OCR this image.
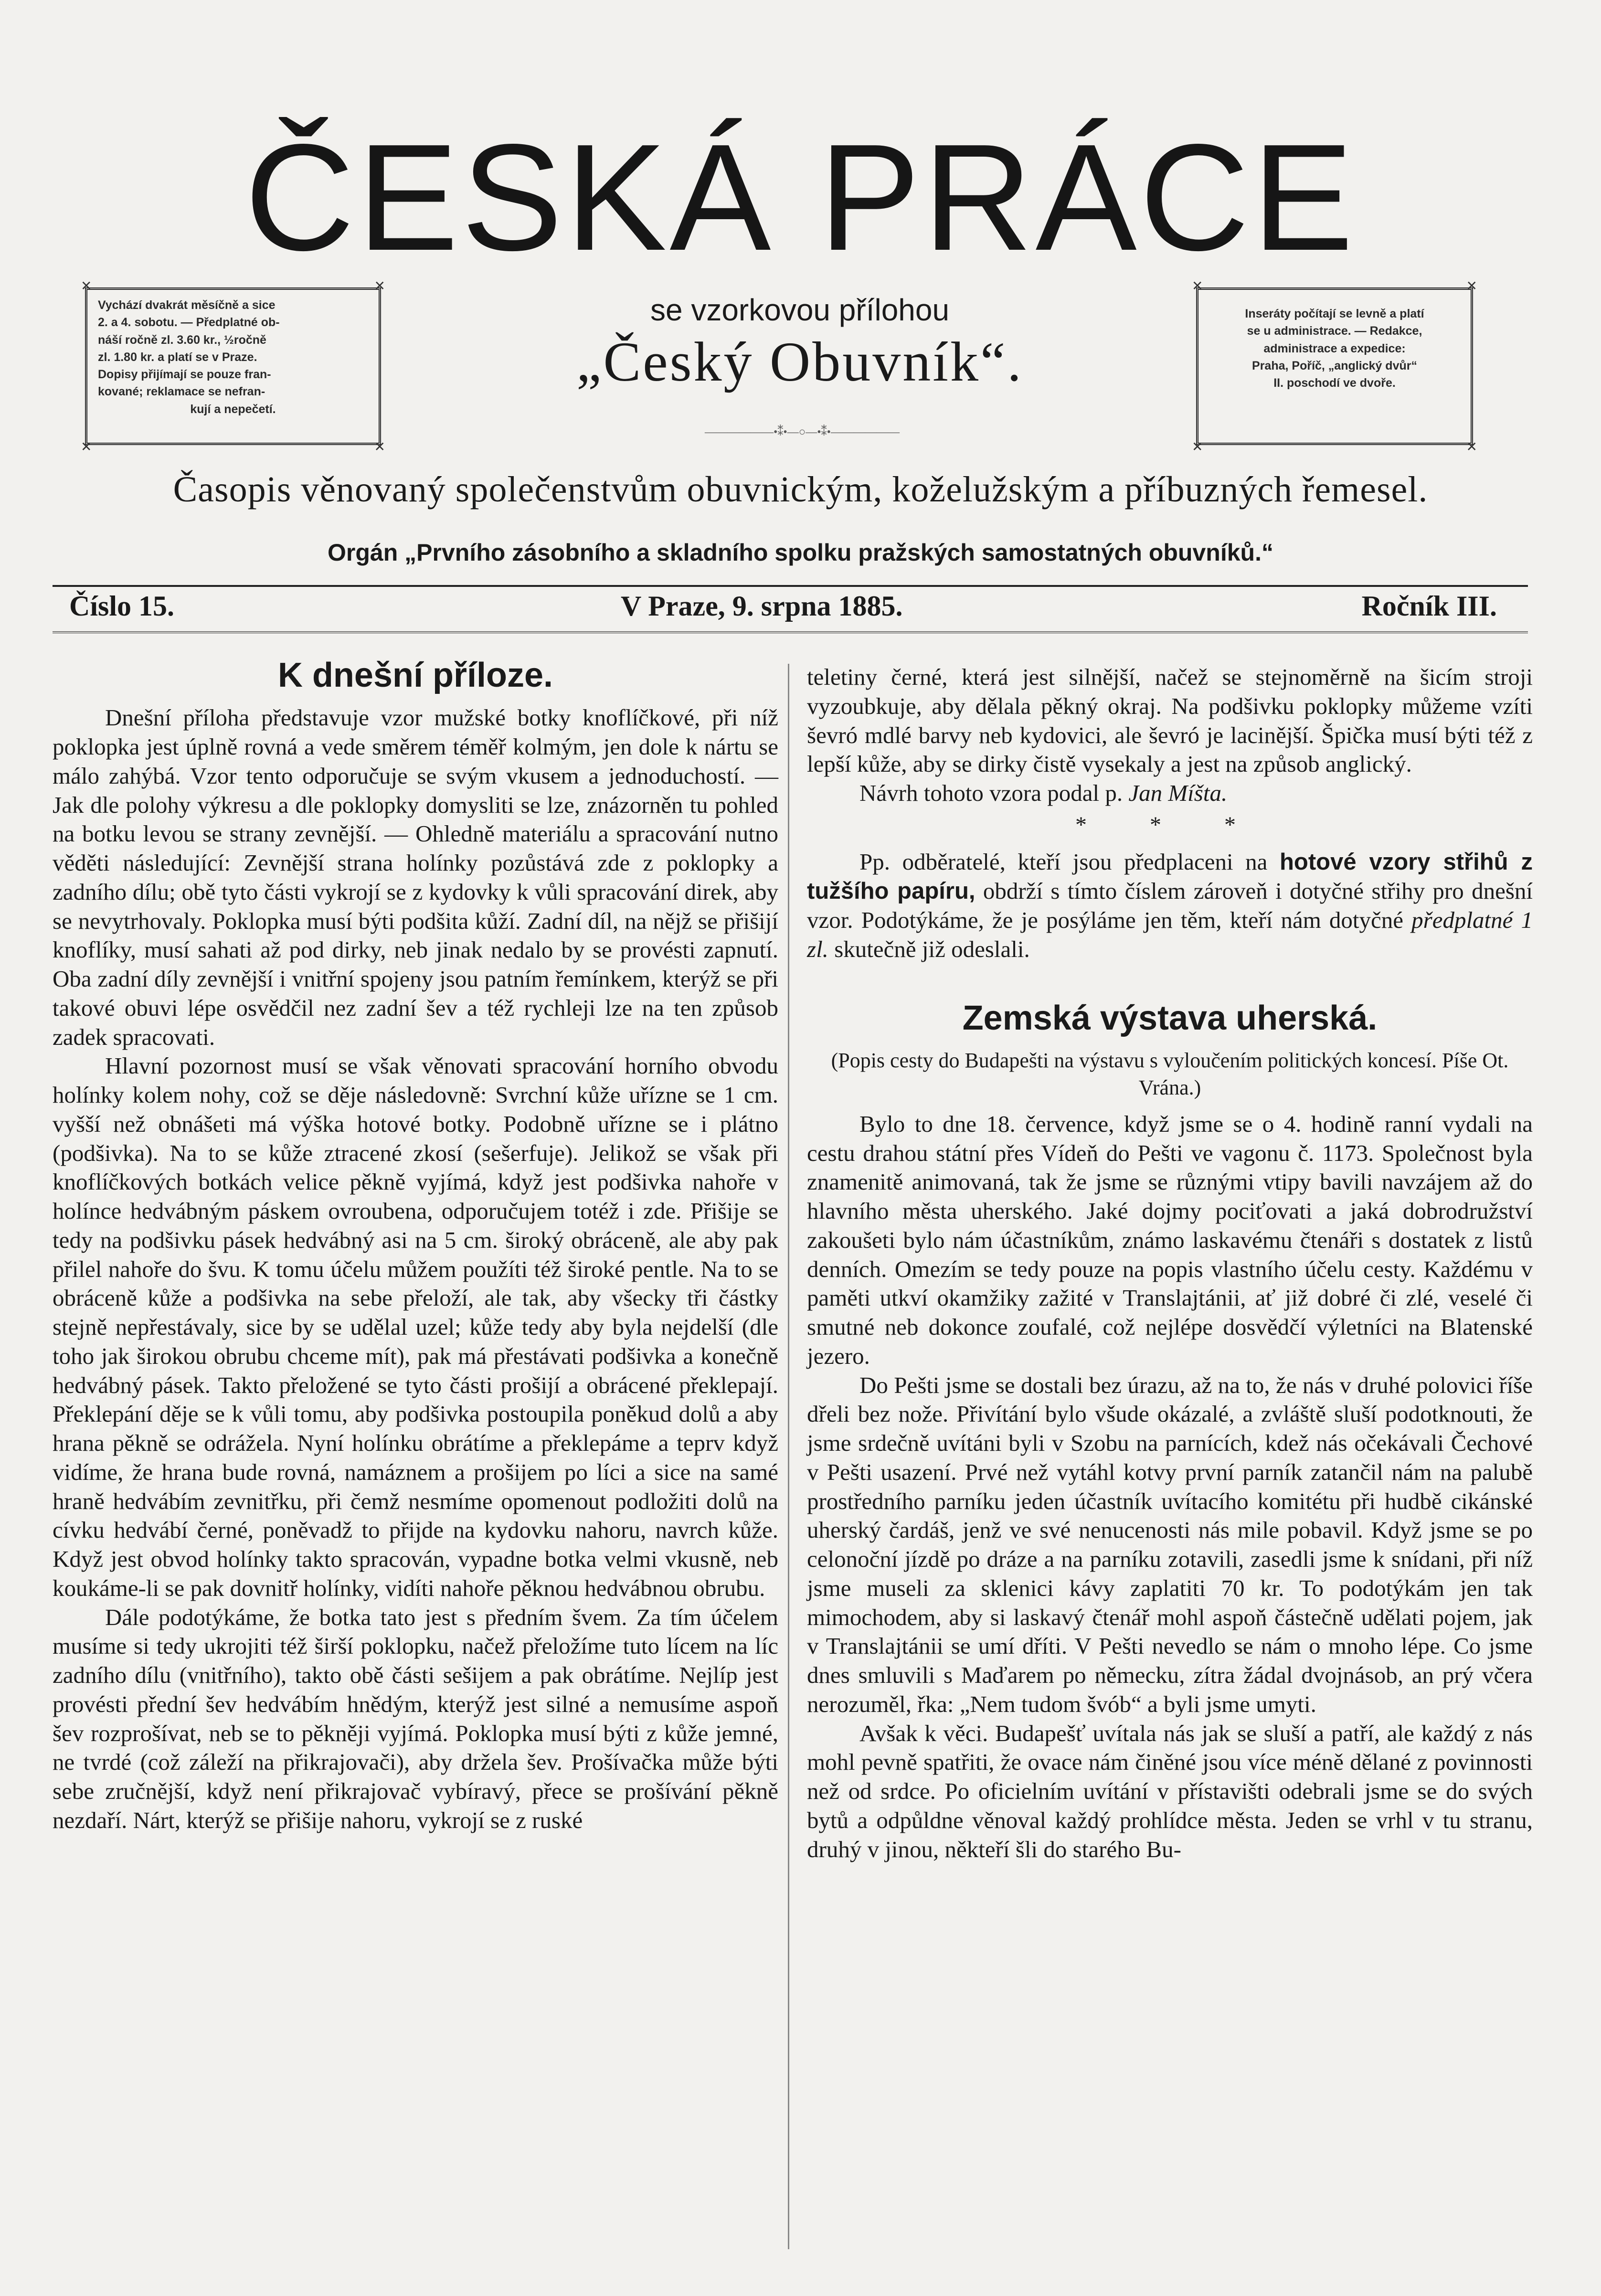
ČESKÁ PRÁCE
✕	✕
✕	✕

Vychází dvakrát měsíčně a sice

2. a 4. sobotu. — Předplatné ob-

náší ročně zl. 3.60 kr., ½ročně

zl. 1.80 kr. a platí se v Praze.

Dopisy přijímají se pouze fran-

kované; reklamace se nefran-

kují a nepečetí.

se vzorkovou přílohou
„Český Obuvník“.
——————•⁑•—○—•⁑•——————
✕	✕
✕	✕

Inseráty počítají se levně a platí

se u administrace. — Redakce,

administrace a expedice:

Praha, Poříč, „anglický dvůr“

II. poschodí ve dvoře.

Časopis věnovaný společenstvům obuvnickým, koželužským a příbuzných řemesel.
Orgán „Prvního zásobního a skladního spolku pražských samostatných obuvníků.“
Číslo 15.	V Praze, 9. srpna 1885.	Ročník III.
K dnešní příloze.

Dnešní příloha představuje vzor mužské botky knoflíčkové, při níž poklopka jest úplně rovná a vede směrem téměř kolmým, jen dole k nártu se málo zahýbá. Vzor tento odporučuje se svým vkusem a jednoduchostí. — Jak dle polohy výkresu a dle poklopky domysliti se lze, znázorněn tu pohled na botku levou se strany zevnější. — Ohledně materiálu a spracování nutno věděti následující: Zevnější strana holínky pozůstává zde z poklopky a zadního dílu; obě tyto části vykrojí se z kydovky k vůli spracování direk, aby se nevytrhovaly. Poklopka musí býti podšita kůží. Zadní díl, na nějž se přišijí knoflíky, musí sahati až pod dirky, neb jinak nedalo by se provésti zapnutí. Oba zadní díly zevnější i vnitřní spojeny jsou patním řemínkem, kterýž se při takové obuvi lépe osvědčil nez zadní šev a též rychleji lze na ten způsob zadek spracovati.

Hlavní pozornost musí se však věnovati spracování horního obvodu holínky kolem nohy, což se děje následovně: Svrchní kůže uřízne se 1 cm. vyšší než obnášeti má výška hotové botky. Podobně uřízne se i plátno (podšivka). Na to se kůže ztracené zkosí (sešerfuje). Jelikož se však při knoflíčkových botkách velice pěkně vyjímá, když jest podšivka nahoře v holínce hedvábným páskem ovroubena, odporučujem totéž i zde. Přišije se tedy na podšivku pásek hedvábný asi na 5 cm. široký obráceně, ale aby pak přilel nahoře do švu. K tomu účelu můžem použíti též široké pentle. Na to se obráceně kůže a podšivka na sebe přeloží, ale tak, aby všecky tři částky stejně nepřestávaly, sice by se udělal uzel; kůže tedy aby byla nejdelší (dle toho jak širokou obrubu chceme mít), pak má přestávati podšivka a konečně hedvábný pásek. Takto přeložené se tyto části prošijí a obrácené překlepají. Překlepání děje se k vůli tomu, aby podšivka postoupila poněkud dolů a aby hrana pěkně se odrážela. Nyní holínku obrátíme a překlepáme a teprv když vidíme, že hrana bude rovná, namáznem a prošijem po líci a sice na samé hraně hedvábím zevnitřku, při čemž nesmíme opomenout podložiti dolů na cívku hedvábí černé, poněvadž to přijde na kydovku nahoru, navrch kůže. Když jest obvod holínky takto spracován, vypadne botka velmi vkusně, neb koukáme-li se pak dovnitř holínky, vidíti nahoře pěknou hedvábnou obrubu.

Dále podotýkáme, že botka tato jest s předním švem. Za tím účelem musíme si tedy ukrojiti též širší poklopku, načež přeložíme tuto lícem na líc zadního dílu (vnitřního), takto obě části sešijem a pak obrátíme. Nejlíp jest provésti přední šev hedvábím hnědým, kterýž jest silné a nemusíme aspoň šev rozprošívat, neb se to pěkněji vyjímá. Poklopka musí býti z kůže jemné, ne tvrdé (což záleží na přikrajovači), aby držela šev. Prošívačka může býti sebe zručnější, když není přikrajovač vybíravý, přece se prošívání pěkně nezdaří. Nárt, kterýž se přišije nahoru, vykrojí se z ruské

teletiny černé, která jest silnější, načež se stejnoměrně na šicím stroji vyzoubkuje, aby dělala pěkný okraj. Na podšivku poklopky můžeme vzíti ševró mdlé barvy neb kydovici, ale ševró je lacinější. Špička musí býti též z lepší kůže, aby se dirky čistě vysekaly a jest na způsob anglický.

Návrh tohoto vzora podal p. Jan Míšta.

* * *

Pp. odběratelé, kteří jsou předplaceni na hotové vzory střihů z tužšího papíru, obdrží s tímto číslem zároveň i dotyčné střihy pro dnešní vzor. Podotýkáme, že je posýláme jen těm, kteří nám dotyčné předplatné 1 zl. skutečně již odeslali.

Zemská výstava uherská.
(Popis cesty do Budapešti na výstavu s vyloučením politických koncesí. Píše Ot. Vrána.)

Bylo to dne 18. července, když jsme se o 4. hodině ranní vydali na cestu drahou státní přes Vídeň do Pešti ve vagonu č. 1173. Společnost byla znamenitě animovaná, tak že jsme se různými vtipy bavili navzájem až do hlavního města uherského. Jaké dojmy pociťovati a jaká dobrodružství zakoušeti bylo nám účastníkům, známo laskavému čtenáři s dostatek z listů denních. Omezím se tedy pouze na popis vlastního účelu cesty. Každému v paměti utkví okamžiky zažité v Translajtánii, ať již dobré či zlé, veselé či smutné neb dokonce zoufalé, což nejlépe dosvědčí výletníci na Blatenské jezero.

Do Pešti jsme se dostali bez úrazu, až na to, že nás v druhé polovici říše dřeli bez nože. Přivítání bylo všude okázalé, a zvláště sluší podotknouti, že jsme srdečně uvítáni byli v Szobu na parnících, kdež nás očekávali Čechové v Pešti usazení. Prvé než vytáhl kotvy první parník zatančil nám na palubě prostředního parníku jeden účastník uvítacího komitétu při hudbě cikánské uherský čardáš, jenž ve své nenucenosti nás mile pobavil. Když jsme se po celonoční jízdě po dráze a na parníku zotavili, zasedli jsme k snídani, při níž jsme museli za sklenici kávy zaplatiti 70 kr. To podotýkám jen tak mimochodem, aby si laskavý čtenář mohl aspoň částečně udělati pojem, jak v Translajtánii se umí dříti. V Pešti nevedlo se nám o mnoho lépe. Co jsme dnes smluvili s Maďarem po německu, zítra žádal dvojnásob, an prý včera nerozuměl, řka: „Nem tudom švób“ a byli jsme umyti.

Avšak k věci. Budapešť uvítala nás jak se sluší a patří, ale každý z nás mohl pevně spatřiti, že ovace nám činěné jsou více méně dělané z povinnosti než od srdce. Po oficielním uvítání v přístavišti odebrali jsme se do svých bytů a odpůldne věnoval každý prohlídce města. Jeden se vrhl v tu stranu, druhý v jinou, někteří šli do starého Bu-
